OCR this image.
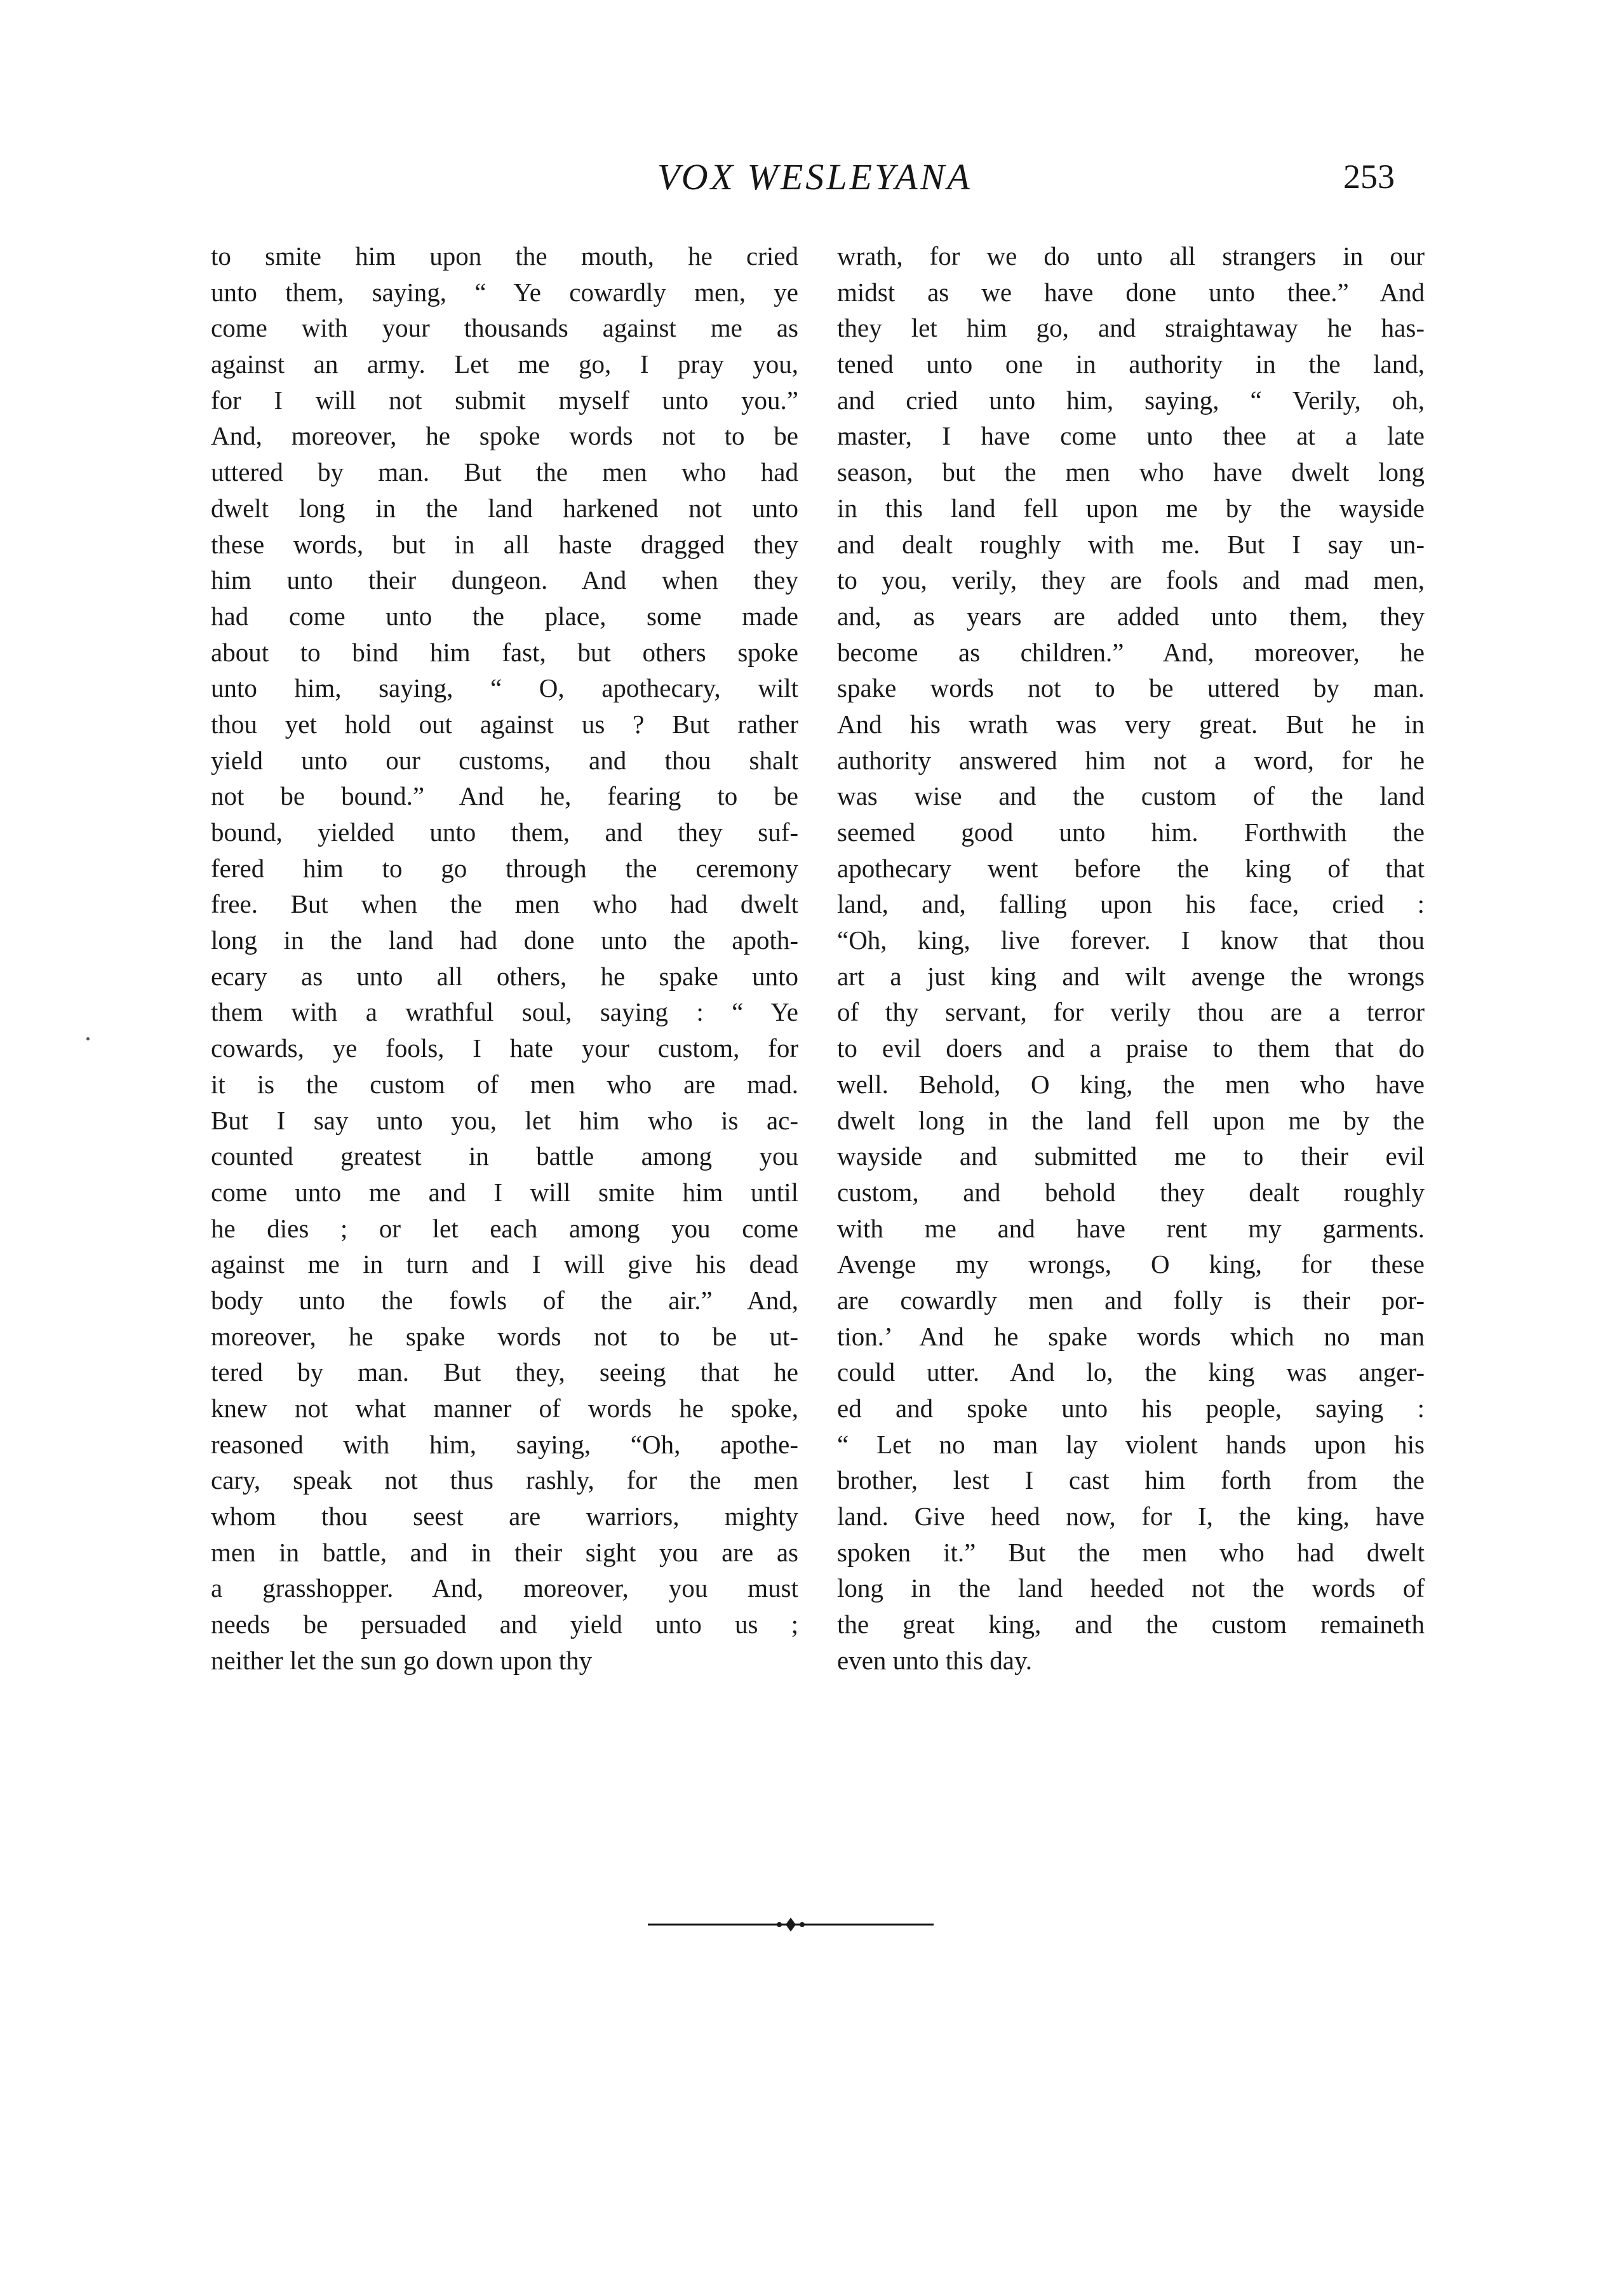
VOX WESLEYANA	253
to smite him upon the mouth, he cried
unto them, saying, “ Ye cowardly men, ye
come with your thousands against me as
against an army. Let me go, I pray you,
for I will not submit myself unto you.”
And, moreover, he spoke words not to be
uttered by man. But the men who had
dwelt long in the land harkened not unto
these words, but in all haste dragged they
him unto their dungeon. And when they
had come unto the place, some made
about to bind him fast, but others spoke
unto him, saying, “ O, apothecary, wilt
thou yet hold out against us ? But rather
yield unto our customs, and thou shalt
not be bound.” And he, fearing to be
bound, yielded unto them, and they suf-
fered him to go through the ceremony
free. But when the men who had dwelt
long in the land had done unto the apoth-
ecary as unto all others, he spake unto
them with a wrathful soul, saying : “ Ye
cowards, ye fools, I hate your custom, for
it is the custom of men who are mad.
But I say unto you, let him who is ac-
counted greatest in battle among you
come unto me and I will smite him until
he dies ; or let each among you come
against me in turn and I will give his dead
body unto the fowls of the air.” And,
moreover, he spake words not to be ut-
tered by man. But they, seeing that he
knew not what manner of words he spoke,
reasoned with him, saying, “Oh, apothe-
cary, speak not thus rashly, for the men
whom thou seest are warriors, mighty
men in battle, and in their sight you are as
a grasshopper. And, moreover, you must
needs be persuaded and yield unto us ;
neither let the sun go down upon thy
wrath, for we do unto all strangers in our
midst as we have done unto thee.” And
they let him go, and straightaway he has-
tened unto one in authority in the land,
and cried unto him, saying, “ Verily, oh,
master, I have come unto thee at a late
season, but the men who have dwelt long
in this land fell upon me by the wayside
and dealt roughly with me. But I say un-
to you, verily, they are fools and mad men,
and, as years are added unto them, they
become as children.” And, moreover, he
spake words not to be uttered by man.
And his wrath was very great. But he in
authority answered him not a word, for he
was wise and the custom of the land
seemed good unto him. Forthwith the
apothecary went before the king of that
land, and, falling upon his face, cried :
“Oh, king, live forever. I know that thou
art a just king and wilt avenge the wrongs
of thy servant, for verily thou are a terror
to evil doers and a praise to them that do
well. Behold, O king, the men who have
dwelt long in the land fell upon me by the
wayside and submitted me to their evil
custom, and behold they dealt roughly
with me and have rent my garments.
Avenge my wrongs, O king, for these
are cowardly men and folly is their por-
tion.’ And he spake words which no man
could utter. And lo, the king was anger-
ed and spoke unto his people, saying :
“ Let no man lay violent hands upon his
brother, lest I cast him forth from the
land. Give heed now, for I, the king, have
spoken it.” But the men who had dwelt
long in the land heeded not the words of
the great king, and the custom remaineth
even unto this day.
